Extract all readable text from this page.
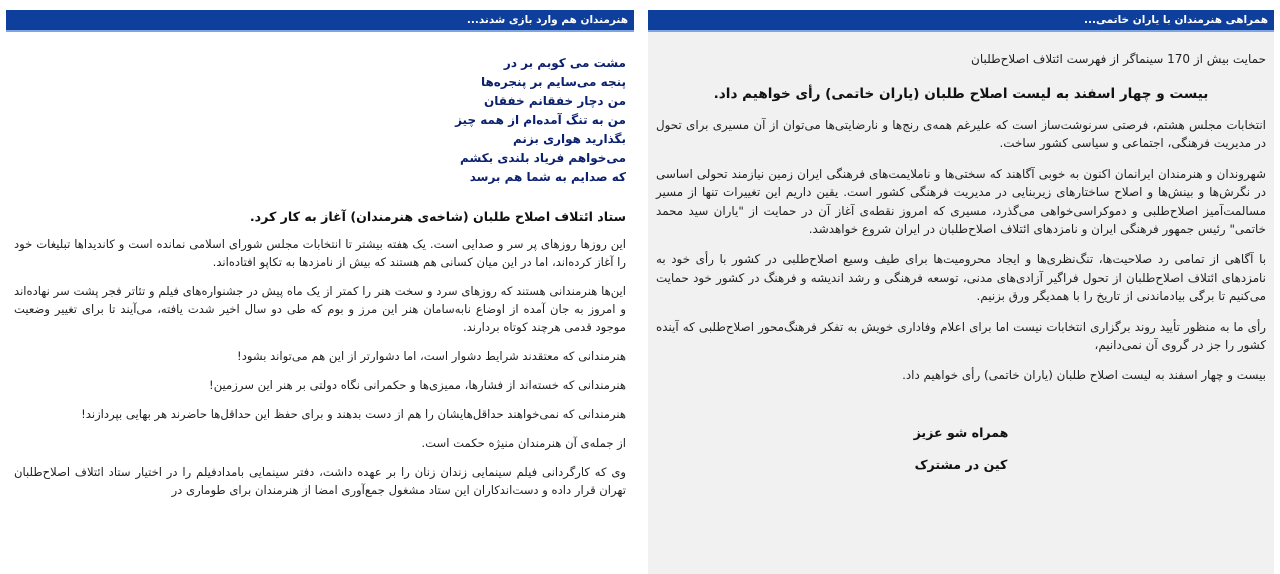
هنرمندان هم وارد بازی شدند...
مشت می کوبم بر در
پنجه می‌سایم بر پنجره‌ها
من دچار خفقانم خفقان
من به تنگ آمده‌ام از همه چیز
بگذارید هواری بزنم
می‌خواهم فریاد بلندی بکشم
که صدایم به شما هم برسد
ستاد ائتلاف اصلاح طلبان (شاخه‌ی هنرمندان) آغاز به کار کرد.

این روزها روزهای پر سر و صدایی است. یک هفته بیشتر تا انتخابات مجلس شورای اسلامی نمانده است و کاندیداها تبلیغات خود را آغاز کرده‌اند، اما در این میان کسانی هم هستند که بیش از نامزدها به تکاپو افتاده‌اند.

این‌ها هنرمندانی هستند که روزهای سرد و سخت هنر را کمتر از یک ماه پیش در جشنواره‌های فیلم و تئاتر فجر پشت سر نهاده‌اند و امروز به جان آمده از اوضاع نابه‌سامان هنر این مرز و بوم که طی دو سال اخیر شدت یافته، می‌آیند تا برای تغییر وضعیت موجود قدمی هرچند کوتاه بردارند.

هنرمندانی که معتقدند شرایط دشوار است، اما دشوارتر از این هم می‌تواند بشود!

هنرمندانی که خسته‌اند از فشارها، ممیزی‌ها و حکمرانی نگاه دولتی بر هنر این سرزمین!

هنرمندانی که نمی‌خواهند حداقل‌هایشان را هم از دست بدهند و برای حفظ این حداقل‌ها حاضرند هر بهایی بپردازند!

از جمله‌ی آن هنرمندان منیژه حکمت است.

وی که کارگردانی فیلم سینمایی زندان زنان را بر عهده داشت، دفتر سینمایی بامدادفیلم را در اختیار ستاد ائتلاف اصلاح‌طلبان تهران قرار داده و دست‌اندکاران این ستاد مشغول جمع‌آوری امضا از هنرمندان برای طوماری در

همراهی هنرمندان با یاران خاتمی...

حمایت بیش از 170 سینماگر از فهرست ائتلاف اصلاح‌طلبان

بیست و چهار اسفند به لیست اصلاح طلبان (یاران خاتمی) رأی خواهیم داد.

انتخابات مجلس هشتم، فرصتی سرنوشت‌ساز است که علیرغم همه‌ی رنج‌ها و نارضایتی‌ها می‌توان از آن مسیری برای تحول در مدیریت فرهنگی، اجتماعی و سیاسی کشور ساخت.

شهروندان و هنرمندان ایرانمان اکنون به خوبی آگاهند که سختی‌ها و ناملایمت‌های فرهنگی ایران زمین نیازمند تحولی اساسی در نگرش‌ها و بینش‌ها و اصلاح ساختارهای زیربنایی در مدیریت فرهنگی کشور است. یقین داریم این تغییرات تنها از مسیر مسالمت‌آمیز اصلاح‌طلبی و دموکراسی‌خواهی می‌گذرد، مسیری که امروز نقطه‌ی آغاز آن در حمایت از "یاران سید محمد خاتمی" رئیس جمهور فرهنگی ایران و نامزدهای ائتلاف اصلاح‌طلبان در ایران شروع خواهدشد.

با آگاهی از تمامی رد صلاحیت‌ها، تنگ‌نظری‌ها و ایجاد محرومیت‌ها برای طیف وسیع اصلاح‌طلبی در کشور با رأی خود به نامزدهای ائتلاف اصلاح‌طلبان از تحول فراگیر آزادی‌های مدنی، توسعه فرهنگی و رشد اندیشه و فرهنگ در کشور خود حمایت می‌کنیم تا برگی بیادماندنی از تاریخ را با همدیگر ورق بزنیم.

رأی ما به منظور تأیید روند برگزاری انتخابات نیست اما برای اعلام وفاداری خویش به تفکر فرهنگ‌محور اصلاح‌طلبی که آینده کشور را جز در گروی آن نمی‌دانیم،

بیست و چهار اسفند به لیست اصلاح طلبان (یاران خاتمی) رأی خواهیم داد.

همراه شو عزیز
کین در مشترک
